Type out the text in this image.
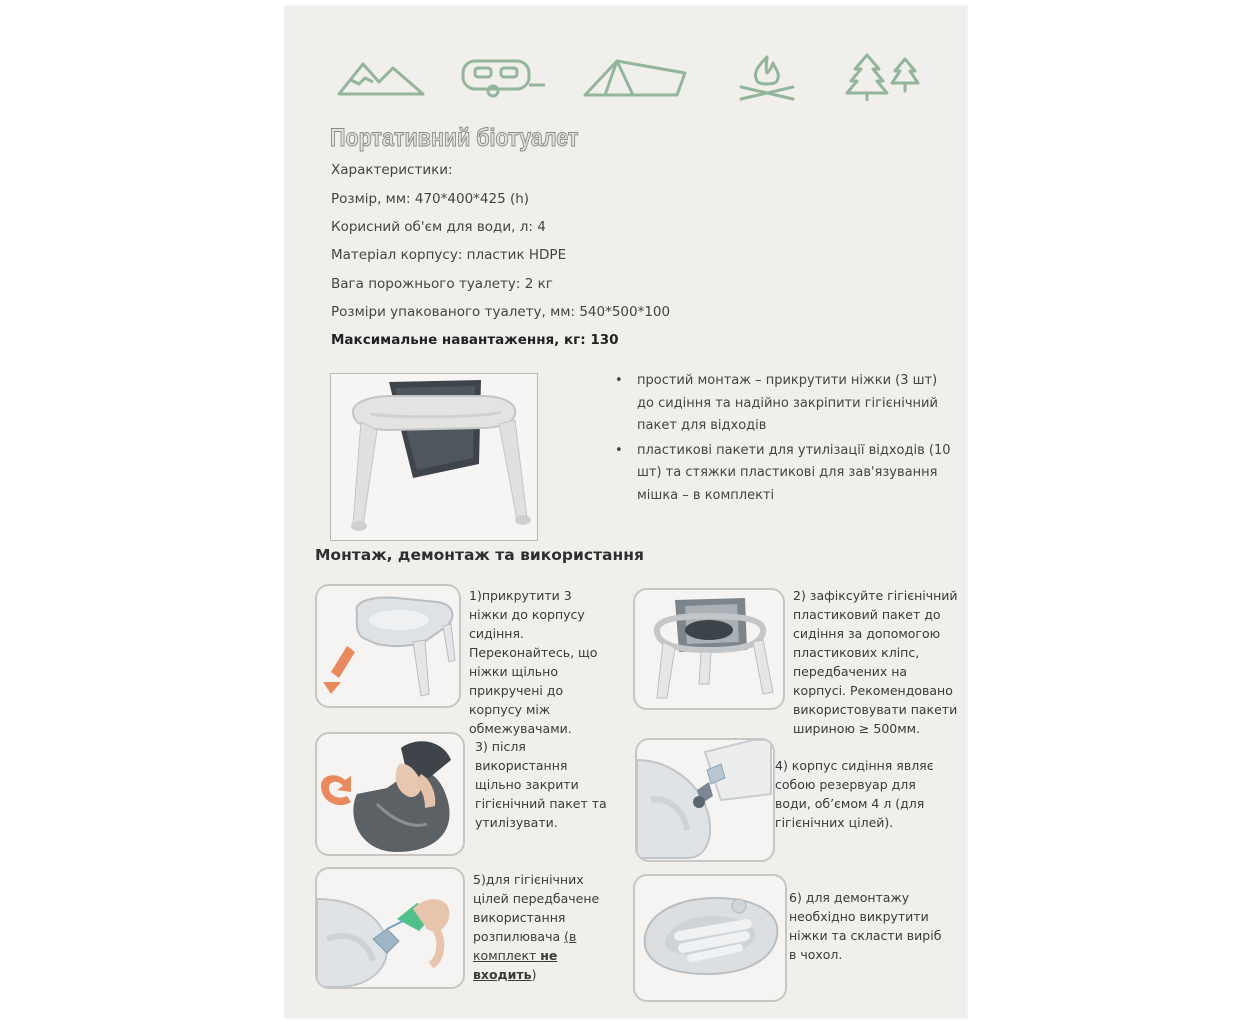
Портативний біотуалет
Характеристики:
Розмір, мм: 470*400*425 (h)
Корисний об'єм для води, л: 4
Матеріал корпусу: пластик HDPE
Вага порожнього туалету: 2 кг
Розміри упакованого туалету, мм: 540*500*100
Максимальне навантаження, кг: 130
• простий монтаж – прикрутити ніжки (3 шт) до сидіння та надійно закріпити гігієнічний пакет для відходів
• пластикові пакети для утилізації відходів (10 шт) та стяжки пластикові для зав'язування мішка – в комплекті
Монтаж, демонтаж та використання
1)прикрутити 3 ніжки до корпусу сидіння. Переконайтесь, що ніжки щільно прикручені до корпусу між обмежувачами.
2) зафіксуйте гігієнічний пластиковий пакет до сидіння за допомогою пластикових кліпс, передбачених на корпусі. Рекомендовано використовувати пакети шириною ≥ 500мм.
3) після використання щільно закрити гігієнічний пакет та утилізувати.
4) корпус сидіння являє собою резервуар для води, об’ємом 4 л (для гігієнічних цілей).
5)для гігієнічних цілей передбачене використання розпилювача (в комплект не входить)
6) для демонтажу необхідно викрутити ніжки та скласти виріб в чохол.
